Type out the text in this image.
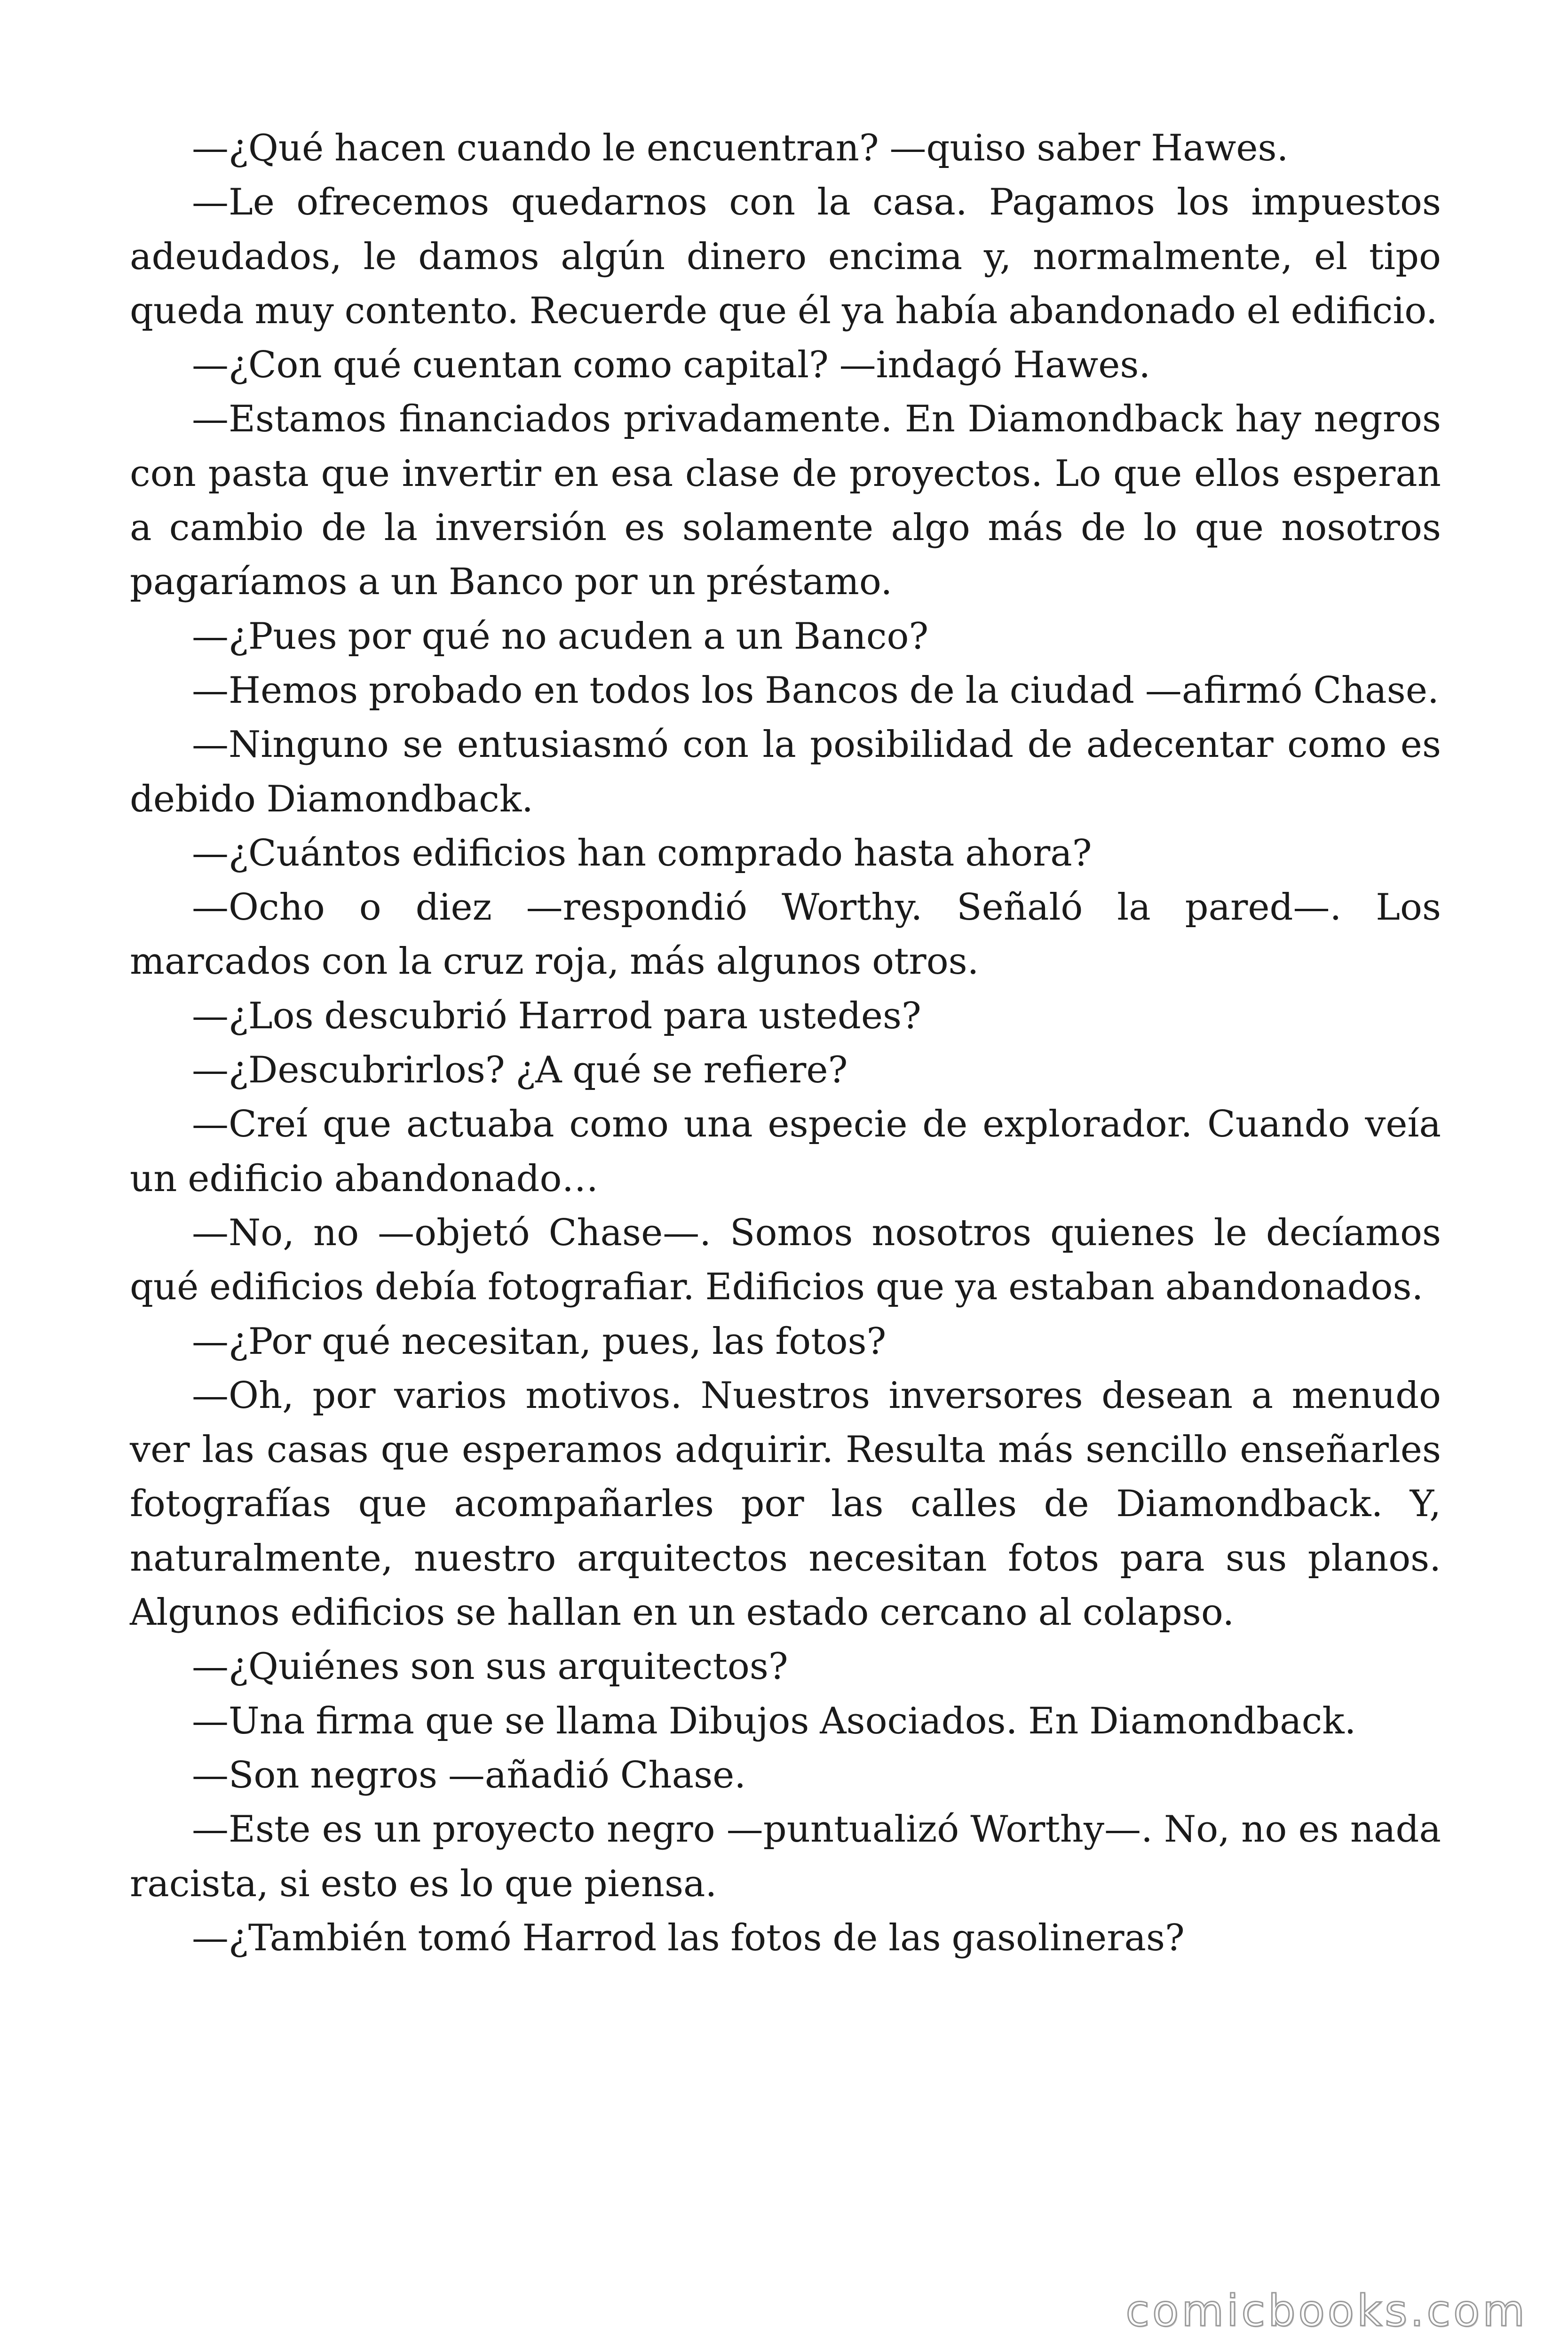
—¿Qué hacen cuando le encuentran? —quiso saber Hawes.

—Le ofrecemos quedarnos con la casa. Pagamos los impuestos adeudados, le damos algún dinero encima y, normalmente, el tipo queda muy contento. Recuerde que él ya había abandonado el edificio.

—¿Con qué cuentan como capital? —indagó Hawes.

—Estamos financiados privadamente. En Diamondback hay negros con pasta que invertir en esa clase de proyectos. Lo que ellos esperan a cambio de la inversión es solamente algo más de lo que nosotros pagaríamos a un Banco por un préstamo.

—¿Pues por qué no acuden a un Banco?

—Hemos probado en todos los Bancos de la ciudad —afirmó Chase.

—Ninguno se entusiasmó con la posibilidad de adecentar como es debido Diamondback.

—¿Cuántos edificios han comprado hasta ahora?

—Ocho o diez —respondió Worthy. Señaló la pared—. Los marcados con la cruz roja, más algunos otros.

—¿Los descubrió Harrod para ustedes?

—¿Descubrirlos? ¿A qué se refiere?

—Creí que actuaba como una especie de explorador. Cuando veía un edificio abandonado…

—No, no —objetó Chase—. Somos nosotros quienes le decíamos qué edificios debía fotografiar. Edificios que ya estaban abandonados.

—¿Por qué necesitan, pues, las fotos?

—Oh, por varios motivos. Nuestros inversores desean a menudo ver las casas que esperamos adquirir. Resulta más sencillo enseñarles fotografías que acompañarles por las calles de Diamondback. Y, naturalmente, nuestro arquitectos necesitan fotos para sus planos. Algunos edificios se hallan en un estado cercano al colapso.

—¿Quiénes son sus arquitectos?

—Una firma que se llama Dibujos Asociados. En Diamondback.

—Son negros —añadió Chase.

—Este es un proyecto negro —puntualizó Worthy—. No, no es nada racista, si esto es lo que piensa.

—¿También tomó Harrod las fotos de las gasolineras?

comicbooks.com
